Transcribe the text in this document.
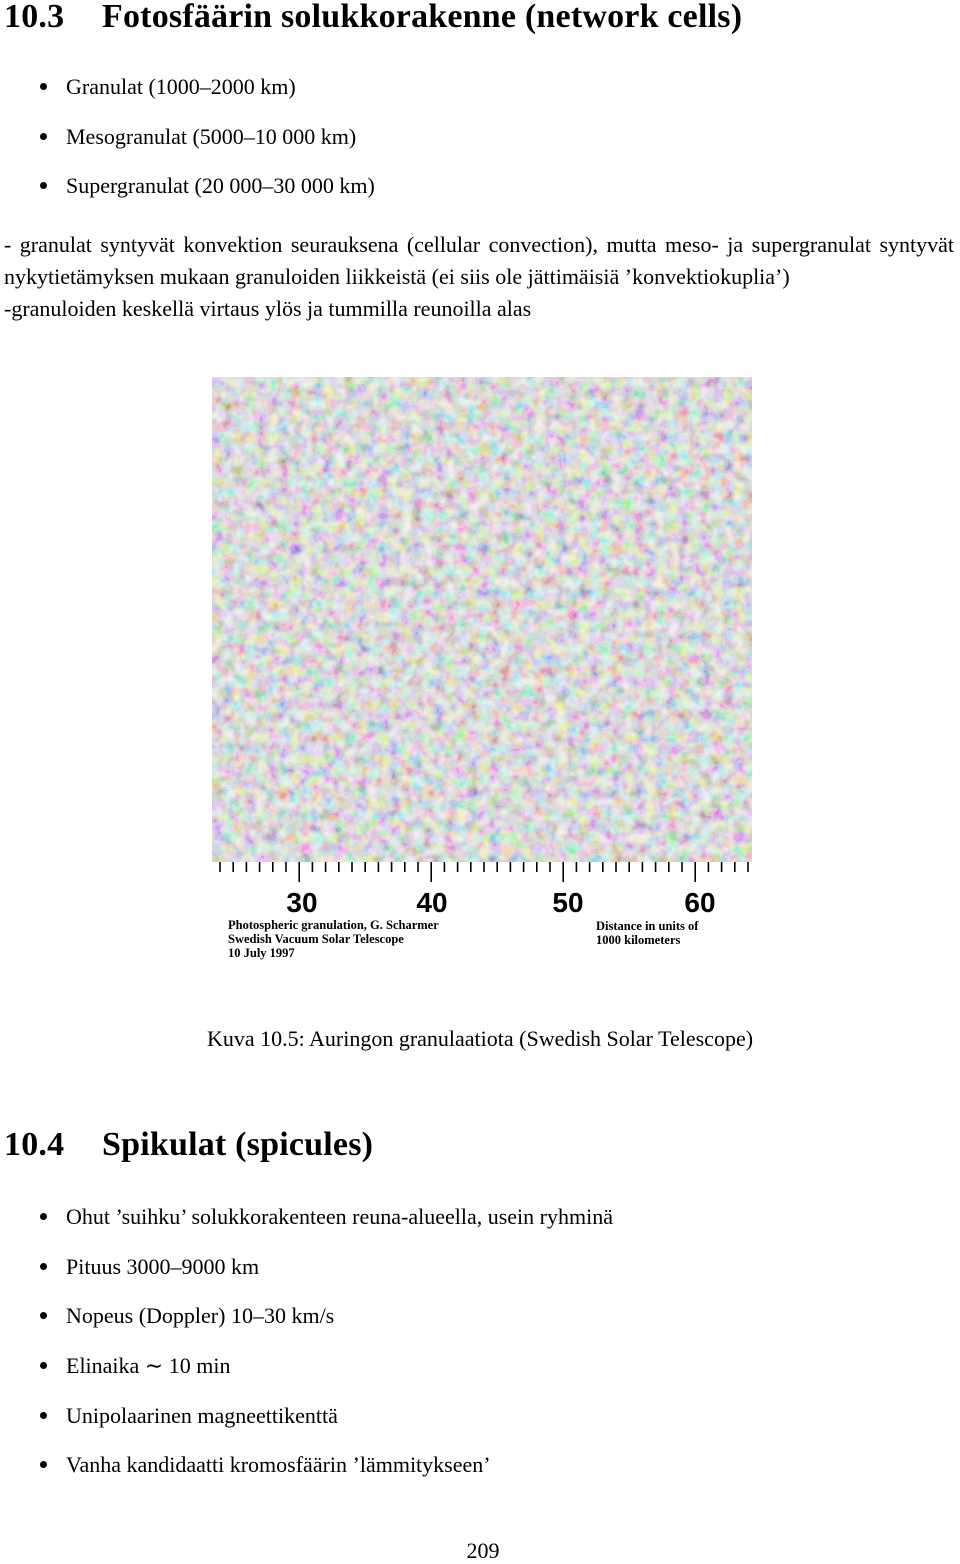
10.3 Fotosfäärin solukkorakenne (network cells)
Granulat (1000–2000 km)
Mesogranulat (5000–10 000 km)
Supergranulat (20 000–30 000 km)

- granulat syntyvät konvektion seurauksena (cellular convection), mutta meso- ja supergranulat syntyvät nykytietämyksen mukaan granuloiden liikkeistä (ei siis ole jättimäisiä ’konvektiokuplia’)

-granuloiden keskellä virtaus ylös ja tummilla reunoilla alas

30	40	50	60
Photospheric granulation, G. Scharmer
Swedish Vacuum Solar Telescope
10 July 1997
Distance in units of
1000 kilometers
Kuva 10.5: Auringon granulaatiota (Swedish Solar Telescope)
10.4 Spikulat (spicules)
Ohut ’suihku’ solukkorakenteen reuna-alueella, usein ryhminä
Pituus 3000–9000 km
Nopeus (Doppler) 10–30 km/s
Elinaika ∼ 10 min
Unipolaarinen magneettikenttä
Vanha kandidaatti kromosfäärin ’lämmitykseen’
209
